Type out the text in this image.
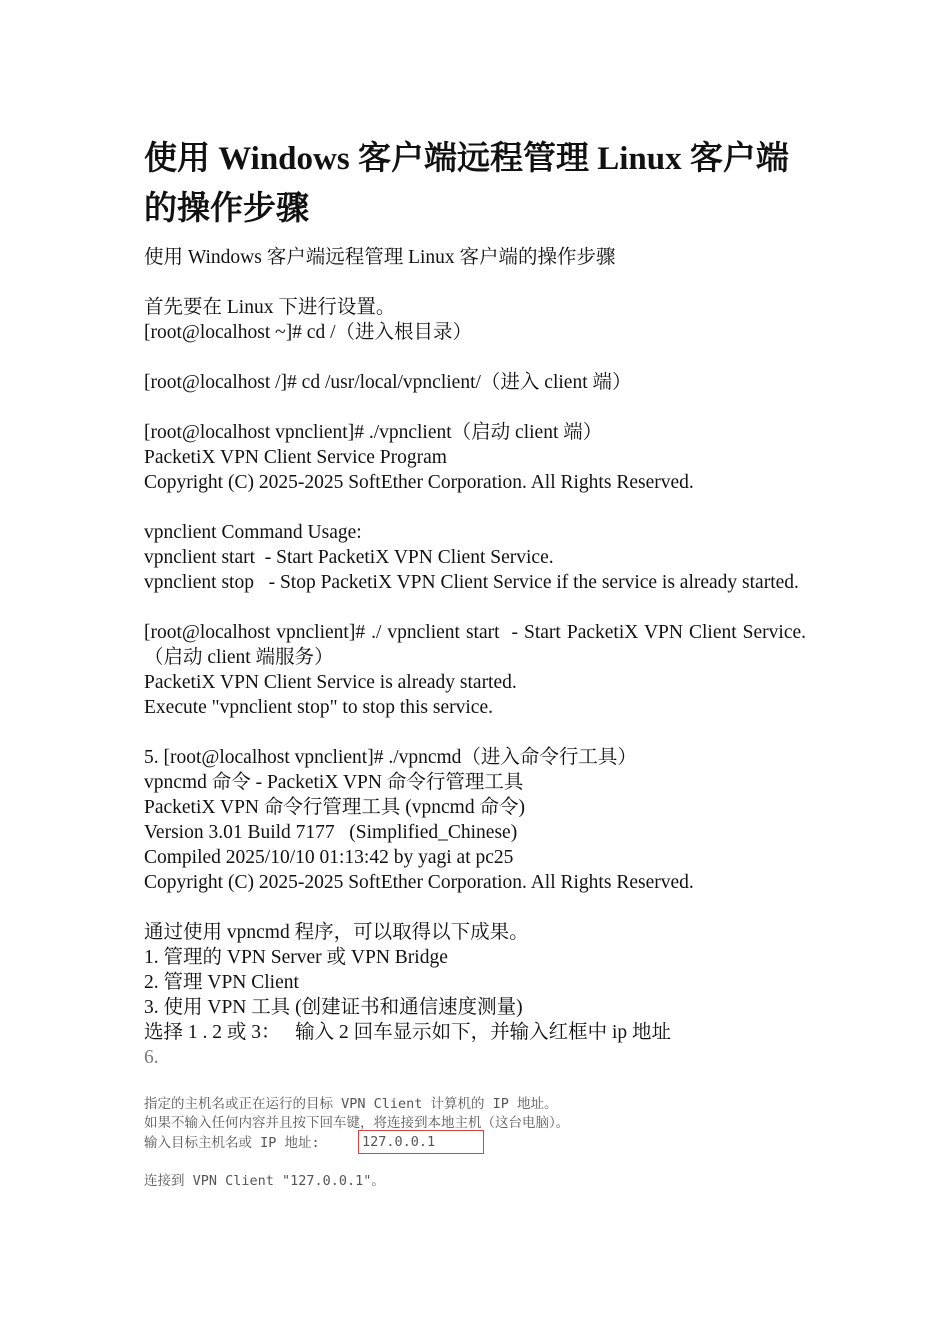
使用 Windows 客户端远程管理 Linux 客户端的操作步骤
使用 Windows 客户端远程管理 Linux 客户端的操作步骤
首先要在 Linux 下进行设置。
[root@localhost ~]# cd /（进入根目录）
[root@localhost /]# cd /usr/local/vpnclient/（进入 client 端）
[root@localhost vpnclient]# ./vpnclient（启动 client 端）
PacketiX VPN Client Service Program
Copyright (C) 2025-2025 SoftEther Corporation. All Rights Reserved.
vpnclient Command Usage:
vpnclient start  - Start PacketiX VPN Client Service.
vpnclient stop   - Stop PacketiX VPN Client Service if the service is already started.
[root@localhost vpnclient]# ./ vpnclient start  - Start PacketiX VPN Client Service.（启动 client 端服务）
PacketiX VPN Client Service is already started.
Execute "vpnclient stop" to stop this service.
5. [root@localhost vpnclient]# ./vpncmd（进入命令行工具）
vpncmd 命令 - PacketiX VPN 命令行管理工具
PacketiX VPN 命令行管理工具 (vpncmd 命令)
Version 3.01 Build 7177   (Simplified_Chinese)
Compiled 2025/10/10 01:13:42 by yagi at pc25
Copyright (C) 2025-2025 SoftEther Corporation. All Rights Reserved.
通过使用 vpncmd 程序，可以取得以下成果。
1. 管理的 VPN Server 或 VPN Bridge
2. 管理 VPN Client
3. 使用 VPN 工具 (创建证书和通信速度测量)
选择 1 . 2 或 3：   输入 2 回车显示如下，并输入红框中 ip 地址
6.
指定的主机名或正在运行的目标 VPN Client 计算机的 IP 地址。
如果不输入任何内容并且按下回车键，将连接到本地主机（这台电脑）。
输入目标主机名或 IP 地址:	127.0.0.1
连接到 VPN Client "127.0.0.1"。
